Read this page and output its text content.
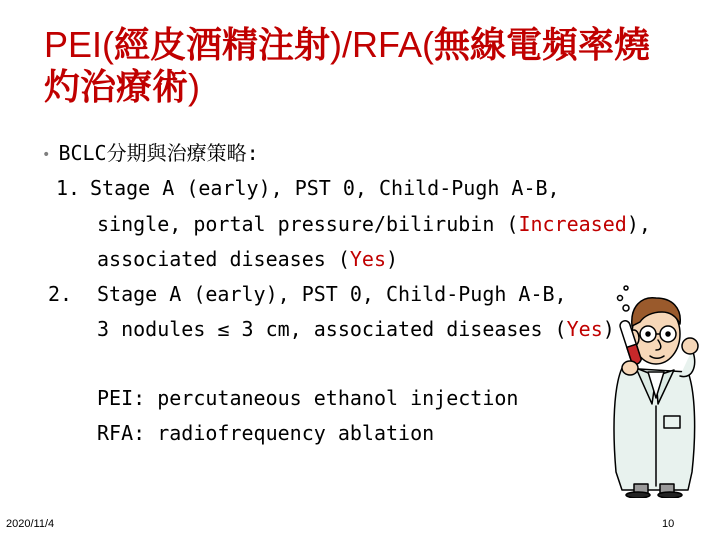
PEI(經皮酒精注射)/RFA(無線電頻率燒
灼治療術)
• BCLC分期與治療策略:
1. Stage A (early), PST 0, Child-Pugh A-B,
single, portal pressure/bilirubin (Increased),
associated diseases (Yes)
2. Stage A (early), PST 0, Child-Pugh A-B,
3 nodules ≤ 3 cm, associated diseases (Yes)
PEI: percutaneous ethanol injection
RFA: radiofrequency ablation
2020/11/4	10
